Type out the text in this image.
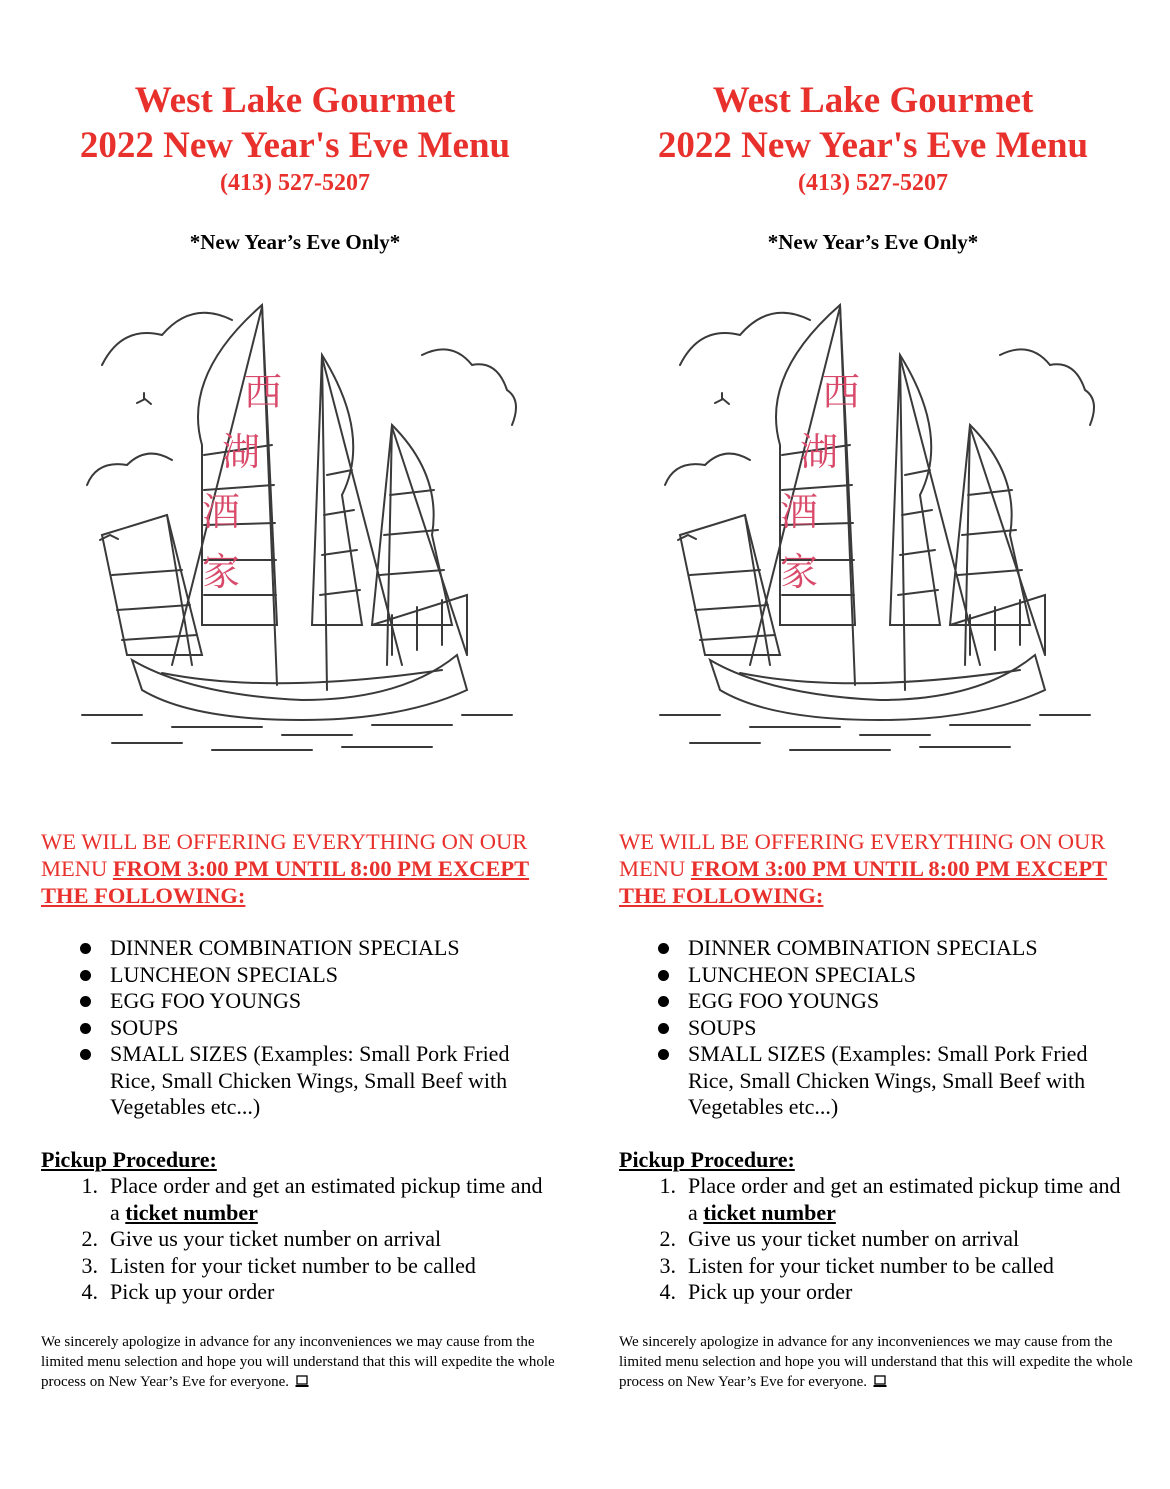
West Lake Gourmet
2022 New Year's Eve Menu
(413) 527-5207
*New Year’s Eve Only*
西
湖
酒
家
WE WILL BE OFFERING EVERYTHING ON OUR
MENU FROM 3:00 PM UNTIL 8:00 PM EXCEPT
THE FOLLOWING:
DINNER COMBINATION SPECIALS
LUNCHEON SPECIALS
EGG FOO YOUNGS
SOUPS
SMALL SIZES (Examples: Small Pork Fried Rice, Small Chicken Wings, Small Beef with Vegetables etc...)
Pickup Procedure:
1. Place order and get an estimated pickup time and a ticket number
2. Give us your ticket number on arrival
3. Listen for your ticket number to be called
4. Pick up your order

We sincerely apologize in advance for any inconveniences we may cause from the limited menu selection and hope you will understand that this will expedite the whole process on New Year’s Eve for everyone.

West Lake Gourmet
2022 New Year's Eve Menu
(413) 527-5207
*New Year’s Eve Only*
西
湖
酒
家
WE WILL BE OFFERING EVERYTHING ON OUR
MENU FROM 3:00 PM UNTIL 8:00 PM EXCEPT
THE FOLLOWING:
DINNER COMBINATION SPECIALS
LUNCHEON SPECIALS
EGG FOO YOUNGS
SOUPS
SMALL SIZES (Examples: Small Pork Fried Rice, Small Chicken Wings, Small Beef with Vegetables etc...)
Pickup Procedure:
1. Place order and get an estimated pickup time and a ticket number
2. Give us your ticket number on arrival
3. Listen for your ticket number to be called
4. Pick up your order

We sincerely apologize in advance for any inconveniences we may cause from the limited menu selection and hope you will understand that this will expedite the whole process on New Year’s Eve for everyone.
